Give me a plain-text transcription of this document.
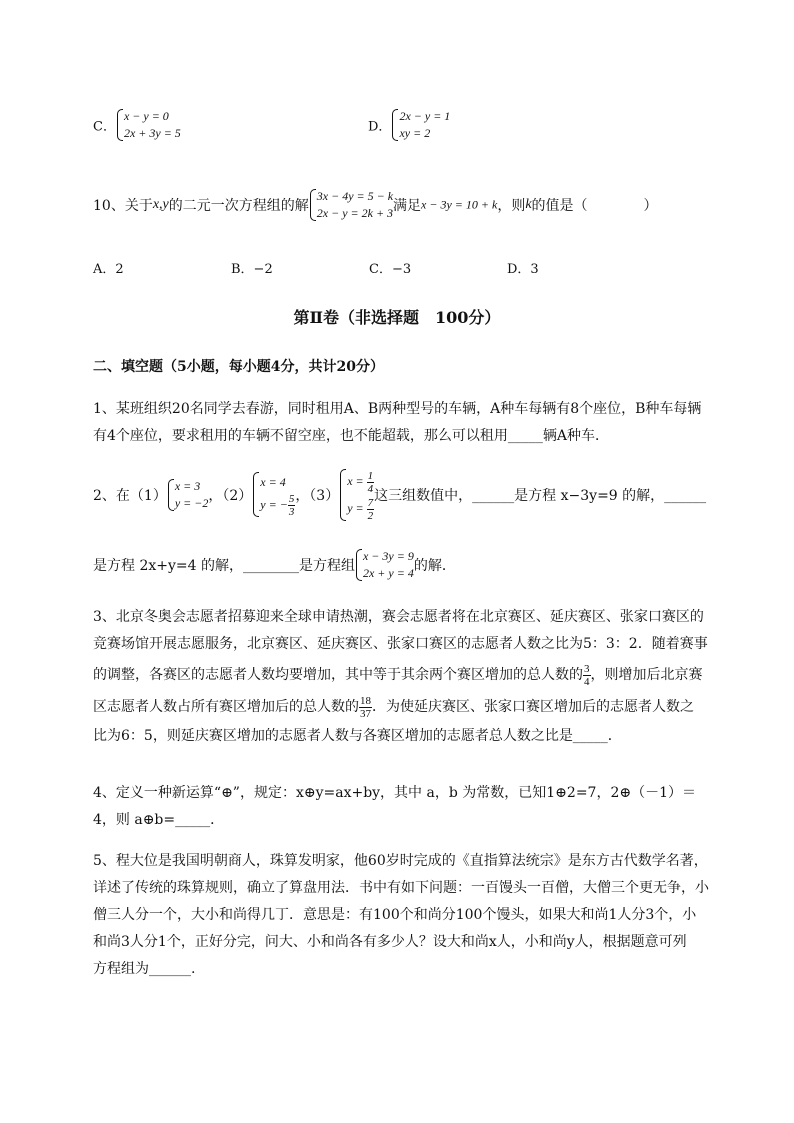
C．
x − y = 0
2x + 3y = 5	D．
2x − y = 1
xy = 2
10、关于x,y的二元一次方程组的解
3x − 4y = 5 − k
2x − y = 2k + 3 满足x − 3y = 10 + k，则k的值是（　　　　）
A．2	B．−2	C．−3	D．3
第Ⅱ卷（非选择题　100分）
二、填空题（5小题，每小题4分，共计20分）
1、某班组织20名同学去春游，同时租用A、B两种型号的车辆，A种车每辆有8个座位，B种车每辆
有4个座位，要求租用的车辆不留空座，也不能超载，那么可以租用_____辆A种车．
2、在（1）
x = 3
y = −2 ，（2）
x = 4
y = − $\frac{5}{3}$ ，（3）
$x = \frac{1}{4}$
$y = \frac{7}{2}$
这三组数值中，______是方程 x−3y=9 的解，______
是方程 2x+y=4 的解，________是方程组
x − 3y = 9
2x + y = 4 的解．
3、北京冬奥会志愿者招募迎来全球申请热潮，赛会志愿者将在北京赛区、延庆赛区、张家口赛区的
竞赛场馆开展志愿服务，北京赛区、延庆赛区、张家口赛区的志愿者人数之比为5：3：2．随着赛事
的调整，各赛区的志愿者人数均要增加，其中等于其余两个赛区增加的总人数的 $\frac{3}{4}$ ，则增加后北京赛
区志愿者人数占所有赛区增加后的总人数的 $\frac{18}{37}$ ．为使延庆赛区、张家口赛区增加后的志愿者人数之
比为6：5，则延庆赛区增加的志愿者人数与各赛区增加的志愿者总人数之比是_____．
4、定义一种新运算“⊕”，规定：x⊕y=ax+by，其中 a，b 为常数，已知1⊕2=7，2⊕（－1）＝
4，则 a⊕b=_____．
5、程大位是我国明朝商人，珠算发明家，他60岁时完成的《直指算法统宗》是东方古代数学名著，
详述了传统的珠算规则，确立了算盘用法．书中有如下问题：一百馒头一百僧，大僧三个更无争，小
僧三人分一个，大小和尚得几丁．意思是：有100个和尚分100个馒头，如果大和尚1人分3个，小
和尚3人分1个，正好分完，问大、小和尚各有多少人？设大和尚x人，小和尚y人，根据题意可列
方程组为______.
